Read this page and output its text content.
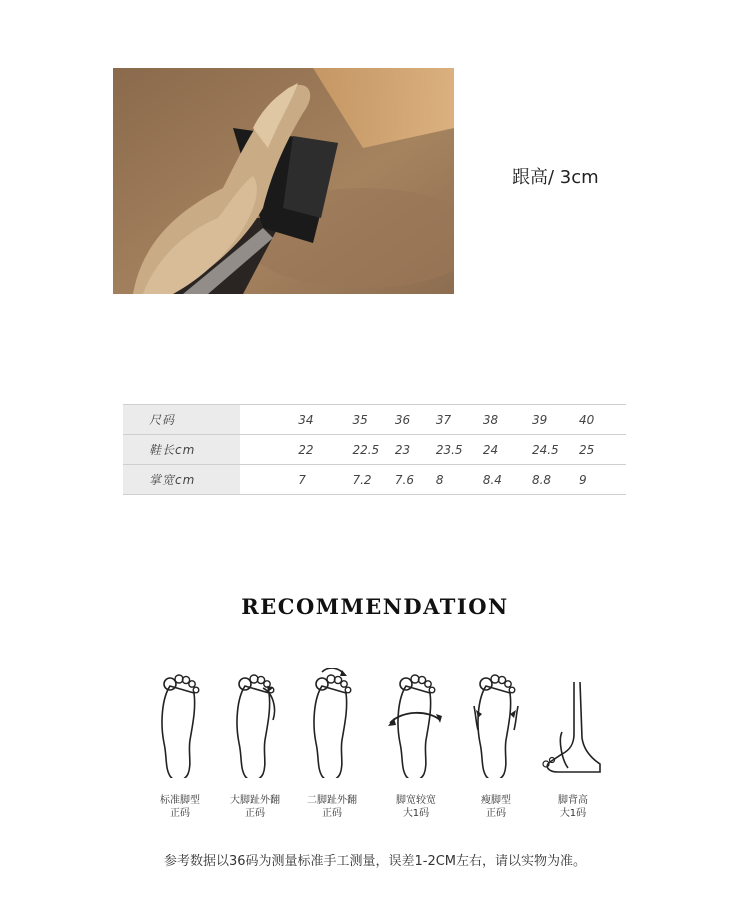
跟高/ 3cm
尺码	34	35	36	37	38	39	40	
鞋长cm	22	22.5	23	23.5	24	24.5	25	
掌宽cm	7	7.2	7.6	8	8.4	8.8	9	
RECOMMENDATION
标准脚型
正码
大脚趾外翻
正码
二脚趾外翻
正码
脚宽较宽
大1码
瘦脚型
正码
脚背高
大1码
参考数据以36码为测量标准手工测量，误差1-2CM左右，请以实物为准。
